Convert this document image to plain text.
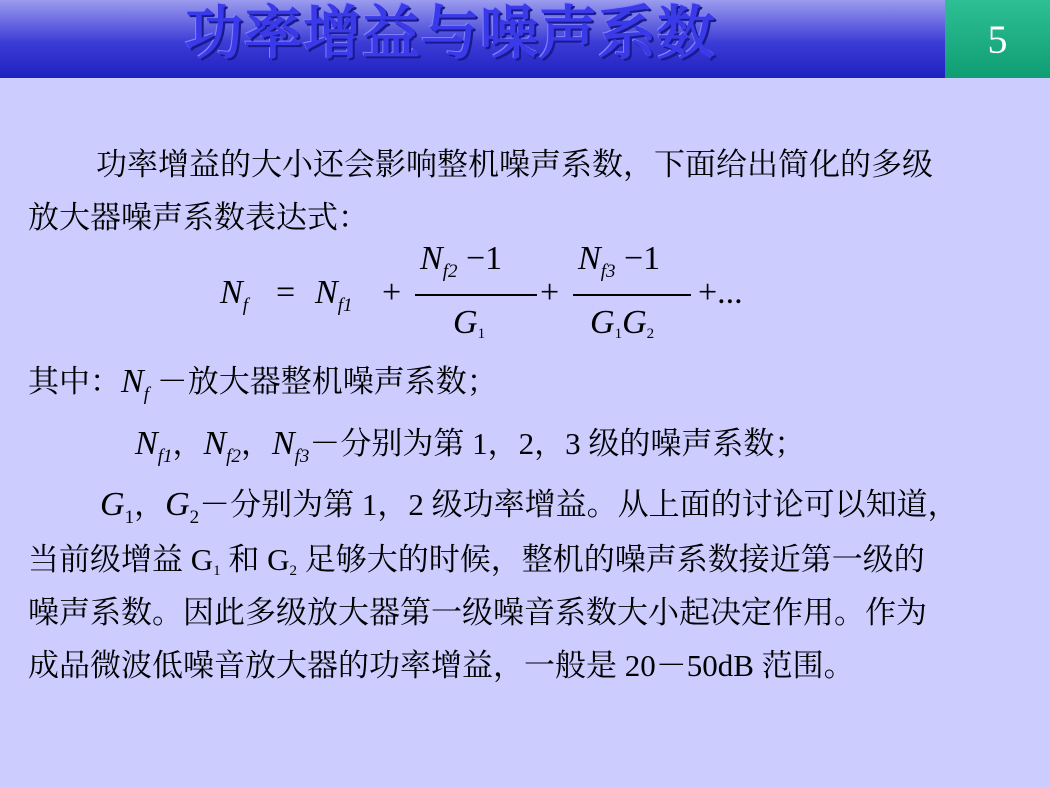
功率增益与噪声系数	5
功率增益的大小还会影响整机噪声系数，下面给出简化的多级
放大器噪声系数表达式：
$N_f = N_{f1}$ +
$N_{f2} -1$
$G_1$
+
$N_{f3} -1$
$G_1G_2$
+...
其中：$N_f$ －放大器整机噪声系数；
$N_{f1}$，$N_{f2}$，$N_{f3}-$分别为第 1，2，3 级的噪声系数；
$G_1$，$G_2-$分别为第 1，2 级功率增益。从上面的讨论可以知道，
当前级增益 $G_1$ 和 $G_2$ 足够大的时候，整机的噪声系数接近第一级的
噪声系数。因此多级放大器第一级噪音系数大小起决定作用。作为
成品微波低噪音放大器的功率增益，一般是 20－50dB 范围。
